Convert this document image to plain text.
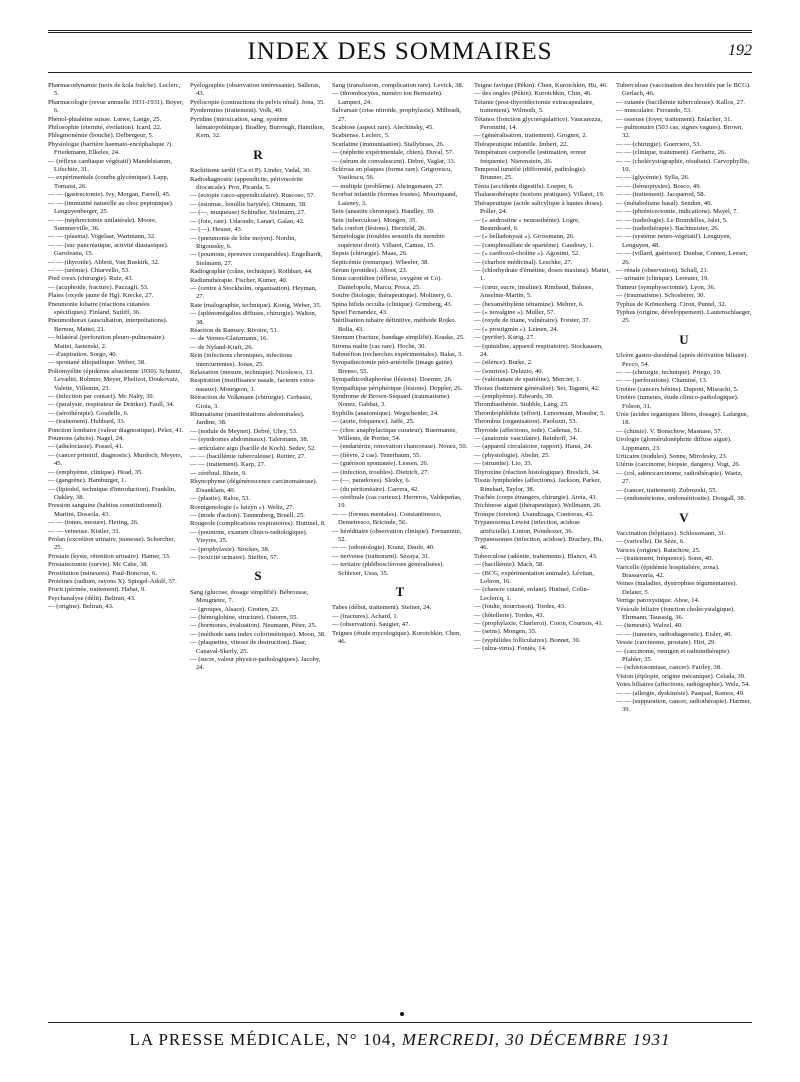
INDEX DES SOMMAIRES	192

Pharmacodynamie (noix de kola fraîche). Leclerc, 5.

Pharmacologie (revue annuelle 1931-1931). Boyer, 6.

Phénol-phtaléine suisse. Lœwe, Lange, 25.

Philosophie (éternité, évolution). Icard, 22.

Phlegmonémie (bouche). Delbergeur, 5.

Physiologie (barrière haemato-encéphalique ?). Friedemann, Elkeles, 24.

— (réflexe cardiaque végétatif) Mandelstamm, Lifschitz, 31.

— expérimentale (courbe glycémique). Lapp, Tornaisi, 26.

— — (gastrectomie). Ivy, Morgan, Farrell, 45.

— — (immunité naturelle au choc peptonique). Lenguyenberger, 25.

— — (néphrectomie unilatérale). Moore, Summerville, 36.

— — (plasma). Vogelaar, Wartmann, 32.

— — (suc pancréatique, activité diastasique). Garofeanu, 15.

— — (thyroïde). Abbott, Van Buskirk, 32.

— — (urémie). Chiarvello, 53.

Pied creux (chirurgie). Ruiz, 43.

— (acuphoide, fracture). Pazzagli, 53.

Plaies (oxyde jaune de Hg). Krecke, 27.

Pneumonie lobaire (réactions cutanées spécifiques). Finland, Sutliff, 36.

Pneumothorax (auscultation, interprétations). Bernou, Mattei, 21.

— bilatéral (perforation pleuro-pulmonaire). Mattei, Jasienski, 2.

— d'aspiration. Sorgo, 40.

— spontané idiopathique. Weber, 38.

Poliomyélite (épidémie alsacienne 1930). Schuntz, Levaditi, Rohmer, Meyer, Phelizot, Doukovatz, Valette, Villemin, 23.

— (infection par contact). Mc Nalty, 39.

— (paralysie, respirateur de Drinker). Faull, 34.

— (sérothérapie). Goudelle, 6.

— (traitement). Hubbard, 33.

Ponction lombaire (valeur diagnostique). Pelez, 41.

Poumons (abcès). Nagel, 24.

— (atheloctasie). Possel, 41.

— (cancer primitif, diagnostic). Murdoch, Meyers, 45.

— (emphyème, clinique). Head, 35.

— (gangrène). Hamburger, 1.

— (lipiodol, technique d'introduction). Franklin, Oakley, 38.

Pression sanguine (habitus constitutionnel). Martini, Dossola, 43.

— — (tonus, mesure). Hering, 26.

— — veineuse. Kistler, 33.

Prolan (excrétion urinaire, jeunesse). Schorcher, 25.

Prostate (kyste, rétention urinaire). Hamer, 33.

Prostatectomie (survie). Mc Cabe, 38.

Prostitution (mineures). Paul-Boncour, 6.

Protéines (radium, rayons X). Spiegel-Adolf, 37.

Prurit (périnée, traitement). Habat, 9.

Psychanalyse (délit). Beltran, 43.

— (origine). Beltran, 43.

Pyélographie (observation intéressante). Salleras, 43.

Pyélocopie (contractions du pelvis rénal). Jona, 35.

Pyodermites (traitement). Volk, 40.

Pyridine (intoxication, sang, système hématopoïétique). Bradley, Burrough, Hamilton, Kern, 32.

R

Rachitisme tardif (Ca et P). Linder, Vadal, 30.

Radiodiagnostic (appendicite, périviscérite iliocæcale). Prot, Picarda, 5.

— (ectopie cæco-appendiculaire). Ruscoso, 57.

— (estomac, bouillie barytée). Ottmann, 38.

— (—, muqueuse) Schindler, Sielmann, 27.

— (foie, rate). Udaondo, Lanari, Galan, 42.

— (—). Heuser, 43.

— (pneumonie de lobe moyen). Nordin, Rigoussky, 6.

— (poumons, épreuves comparables). Engelhardt, Sielmann, 27.

Radiographie (crâne, technique). Rothbart, 44.

Radiumthérapie. Fischer, Kumer, 40.

— (centre à Stockholm, organisation). Heyman, 27.

Rate (malographie, technique). Konig, Weber, 35.

— (splénomégalies diffuses, chirurgie). Walton, 38.

Réaction de Ramsey. Rivoire, 51.

— de Vernes-Glanzmann, 16.

— de Nyland-Kraft, 26.

Rein (infections chroniques, infections intercurrentes). Jonas, 25.

Relaxation (mesure, technique). Nicolesco, 13.

Respiration (insuffisance nasale, facteurs extra-nasaux). Mourgeon, 1.

Rétraction de Volkmann (chirurgie). Cerbasio, Gioia, 3.

Rhumatisme (manifestations abdominales). Jardine, 38.

— (nodule de Meynet). Debré, Uhry, 53.

— (syndromes abdominaux). Talermann, 38.

— articulaire aigu (bacille de Koch). Sedev, 52.

— — (bacillémie tuberculeuse). Reitter, 27.

— — (traitement). Karp, 27.

— cérébral. Rhein, 9.

Rhynophyme (dégénérescence carcinomateuse). Eisanklam, 40.

— (plastie). Raloe, 53.

Roentgenologie (« luizyn »). Weltz, 27.

— (mode d'action). Tannenberg, Bruell, 25.

Rougeole (complications respiratoires). Huttinel, 8.

— (poumons, examen clinico-radiologique). Vieyres, 25.

— (prophylaxie). Stockes, 38.

— (toxicité urinaire). Steffen, 57.

S

Sang (glucose, dosage simplifié). Bébrousse, Mougneire, 7.

— (groupes, Alsace). Grotten, 23.

— (hémoglobine, structure). Osterrn, 55.

— (hormones, évaluation). Neumann, Péter, 25.

— (méthode sans index colorimétrique). Moon, 38.

— (plaquettes, vitesse de destruction). Baar, Canaval-Skerly, 25.

— (sucre, valeur physico-pathologiques). Jacoby, 24.

Sang (transfusion, complication rare). Levick, 38.

— (thrombocytes, numéro ion Bernstein). Lampert, 24.

Salvarsan (crise nitroïde, prophylaxie). Milbradt, 27.

Scabiose (aspect rare). Alechinsky, 45.

Scabiense. Leclerc, 5.

Scarlatine (immunisation). Stallybrass, 26.

— (néphrite expérimentale, chien). Duval, 57.

— (sérum de convalescent). Debré, Vaglar, 33.

Sclérose en plaques (forme rare). Grigorescu, Vasilescu, 56.

— multiple (problème). Ahringsmann, 27.

Scorbut infantile (formes frustes). Mouriquand, Laisney, 3.

Sein (anastite chronique). Handley, 39.

Sein (tuberculose). Mongen, 35.

Sels confort (lésions). Herzfeld, 26.

Séméiologie (troubles sensitifs du membre supérieur droit). Villaret, Camus, 15.

Sepsis (chirurgie). Maas, 26.

Septicémie (remarque). Wheeler, 38.

Sérum (protides). Aboot, 23.

Sinus carotidien (réflexe, oxygène et Co). Danielopolu, Marcu, Proca, 25.

Soufre (biologie, thérapeutique). Molinery, 6.

Spina bifida occulta (clinique). Grimberg, 43.

Spoel Fernandez, 43.

Stérilisation tubaire définitive, méthode Rojko. Bolia, 43.

Sternum (fracture, bandage simplifié). Kraske, 25.

Stroma malin (cas rare). Hoche, 30.

Subméfion (recherches expérimentales). Balas, 3.

Sympathectomie péri-artérielle (image gaine). Brenso, 55.

Sympathicodiaphorèse (lésions). Doerner, 26.

Sympathique périphérique (lésions). Doppler, 26.

Syndrome de Brown-Séquard (traumatisme). Nonez, Gabbat, 3.

Syphilis (anatomique). Wegscheider, 24.

— (aorte, fréquence). Jaffé, 25.

— (choc anaphylactique curateur). Buermanns, Willems, de Portier, 54.

— (endartérite, rénovation chancreuse). Nonez, 50.

— (fièvre, 2 cas). Tenerhaum, 55.

— (guérison spontanée). Lessen, 26.

— (infection, troubles). Dietrich, 27.

— (—, paradoxes). Slezky, 6.

— (du péritonéaire). Carrera, 42.

— cérébrale (cas curieux). Herreros, Valdepeñas, 19.

— — (formes mentales). Constantinesco, Demetresco, Bricinde, 56.

— héréditaire (observation clinique). Fernannini, 52.

— — (odontologie). Kranz, Daufe, 40.

— nerveuse (traitement). Sézaya, 31.

— tertiaire (phléboscléroses généralisées). Schlexer, Ussa, 35.

T

Tabes (début, traitement). Steiner, 24.

— (fractures). Achard, 1.

— (observation). Saugier, 47.

Teignes (étude mycologique). Kurotchkin, Chen, 46.

Teigne favique (Pékin). Chen, Kurotchkin, Hu, 46.

— des ongles (Pékin). Kurotchkin, Chin, 46.

Tétanie (post-thyroïdectomie extracapsulaire, traitement). Wilmoth, 5.

Tétanos (fonction glycorégulatrice). Vaucarezza, Peronnini, 14.

— (généralisation, traitement). Grognot, 2.

Thérapeutique infantile. Imbert, 22.

Température corporelle (estimation, erreur fréquente). Nierenstein, 26.

Temporal tuméfié (difformité, pathologie). Brunner, 25.

Ténia (accidents digestifs). Loeper, 6.

Thalassothérapie (notions pratiques). Villaret, 19.

Thérapeutique (acide salicylique à hautes doses). Poller, 24.

— (« androstine » neurasthénie). Logre, Beaurdeard, 6.

— (« belladonysat »). Grossmann, 26.

— (camphosulfate de spartéine). Gaudouy, 1.

— (« cardiozol-choline »). Agostini, 52.

— (charbon médicinal). Leschke, 27.

— (chlorhydrate d'émétine, doses maxima). Mattei, 1.

— (cœur, sucre, insuline). Rimbaud, Balmes, Anselme-Martin, 5.

— (hexaméthylène tétramine). Mehrer, 6.

— (« novalgine »). Muller, 57.

— (oxyde de titane, vulnéraire). Forster, 37.

— (« prostigmin »). Leinen, 24.

— (pyrifer). Kurig, 27.

— (quinidine, appareil respiratoire). Stockausen, 24.

— (silence). Burke, 2.

— (sourires). Deluzio, 40.

— (valérianate de spartéine). Mercier, 1.

Thorax (battement généralisé). Sei, Tagami, 42.

— (emphyème). Edwards, 39.

Thrombasthénie. Stubble, Lang, 25.

Thrombophlébite (effort). Lenormant, Mondor, 5.

Thrombus (organisation). Paoluzzi, 53.

Thyroïde (affections, iode). Cadenas, 51.

— (anatomie vasculaire). Reinhoff, 34.

— (appareil circulatoire, rapport). Hansi, 24.

— (physiologie). Abelin, 25.

— (strumite). Lio, 33.

Thyroxine (réaction histologique). Breslich, 34.

Tissus lymphoïdes (affections). Jackson, Parker, Rinehart, Taylor, 38.

Trachée (corps étrangers, chirurgie). Areta, 43.

Trichinose aiguë (thérapeutique). Wellmann, 26.

Trompe (torsion). Usandizaga, Contreras, 43.

Trypanosoma Lewisi (infection, acidose artificielle). Linton, Poindexter, 36.

Trypanosomes (infection, acidose). Brachey, Hu, 46.

Tuberculose (adénite, traitements). Blanco, 43.

— (bacillémie). Mach, 58.

— (BCG, expérimentation animale). Lévitan, Lobron, 16.

— (chancre cutané, enfant). Hutinel, Colin-Leclercq, 1.

— (foulte, nourrisson). Tordes, 43.

— (hôtellerie). Tordes, 43.

— (prophylaxie, Charleroi). Coton, Courtois, 41.

— (seins). Mongen, 35.

— (syphilides folliculaires). Bonnet, 30.

— (ultra-virus). Fontès, 14.

Tuberculose (vaccination des bovidés par le BCG). Gerlach, 46.

— cutanée (bacillémie tuberculeuse). Kallos, 27.

— musculaire. Ferrando, 53.

— osseuse (foyer, traitement). Enlacher, 31.

— pulmonaire (503 cas, signes vagues). Brown, 32.

— — (chirurgie). Guerriero, 53.

— — (clinique, traitement). Gerhartz, 26.

— — (cholécystographie, résultats). Carvophyllis, 10.

— — (glycémie). Sylla, 26.

— — (hémoptysies). Bosco, 49.

— — (traitement). Jacquerod, 58.

— (métabolisme basal). Sendon, 40.

— — (phrénicectomie, indications). Mayel, 7.

— — (radiologie). Le Bourdelles, Jalet, 5.

— — (radiothérapie). Bachmeister, 26.

— — (système neuro-végétatif). Lenguyen, Lenguyen, 48.

— — (villard, guérison). Dunbar, Conten, Leeser, 26.

— rénale (observation). Schall, 21.

— urinaire (clinique). Lereuter, 19.

Tumeur (symphysectomie). Lyon, 36.

— (traumatisme). Schosberer, 30.

Typhus de Krönenberg. Ciron, Puntel, 32.

Typhus (origine, développement). Lautenschlaeger, 25.

U

Ulcère gastro-duodénal (après dérivation biliaire). Pecco, 54.

— — (chirurgie, technique). Priego, 19.

— — (perforations). Chaminé, 13.

Uretère (cancers bénins). Dupont, Misrachi, 5.

Uretère (tumeurs, étude clinico-pathologique). Folson, 31.

Urée (acides organiques libres, dosage). Lafargue, 18.

— (chimie). V. Bonschow, Masnase, 57.

Urologie (glomérulonéphrite diffuse aiguë). Lippmann, 23.

Urticaire (nodules). Sonne, Mirolesky, 23.

Utérus (carcinome, biopsie, dangers). Vogt, 26.

— (col, adénocarcinome, radiothérapie). Waetz, 27.

— (cancer, traitement). Zubrozski, 55.

— (endométriome, endométriosite). Dougall, 38.

V

Vaccination (hôpitaux). Schlossmann, 31.

— (varicelle). De Sèze, 6.

Varices (origine). Ratschow, 25.

— (traitement, fréquence). Sonn, 40.

Varicelle (épidémie hospitalière, zona). Brassavaria, 42.

Veines (maladies, dystrophies tégumentaires). Delater, 5.

Vertige paroxystique. Aboe, 14.

Vésicule biliaire (fonction cholécystalgique). Ehrmann, Tausssig, 36.

— (tumeurs). Walzel, 40.

— — (tumeurs, radiodiagnostic). Eisler, 40.

Vessie (carcinome, prostate). Hirt, 29.

— (carcinome, rœntgen et radiumthérapie). Pfahler, 35.

— (schistosomiase, cancer). Fairley, 38.

Vision (éiplopie, origine mécanique). Celada, 39.

Voies biliaires (affections, radiographie). Welz, 54.

— — (allergie, dyskinésie). Pasqual, Ramos, 49.

— — (suppuration, cancer, radiothérapie). Harmer, 39.

LA PRESSE MÉDICALE, N° 104, MERCREDI, 30 DÉCEMBRE 1931
